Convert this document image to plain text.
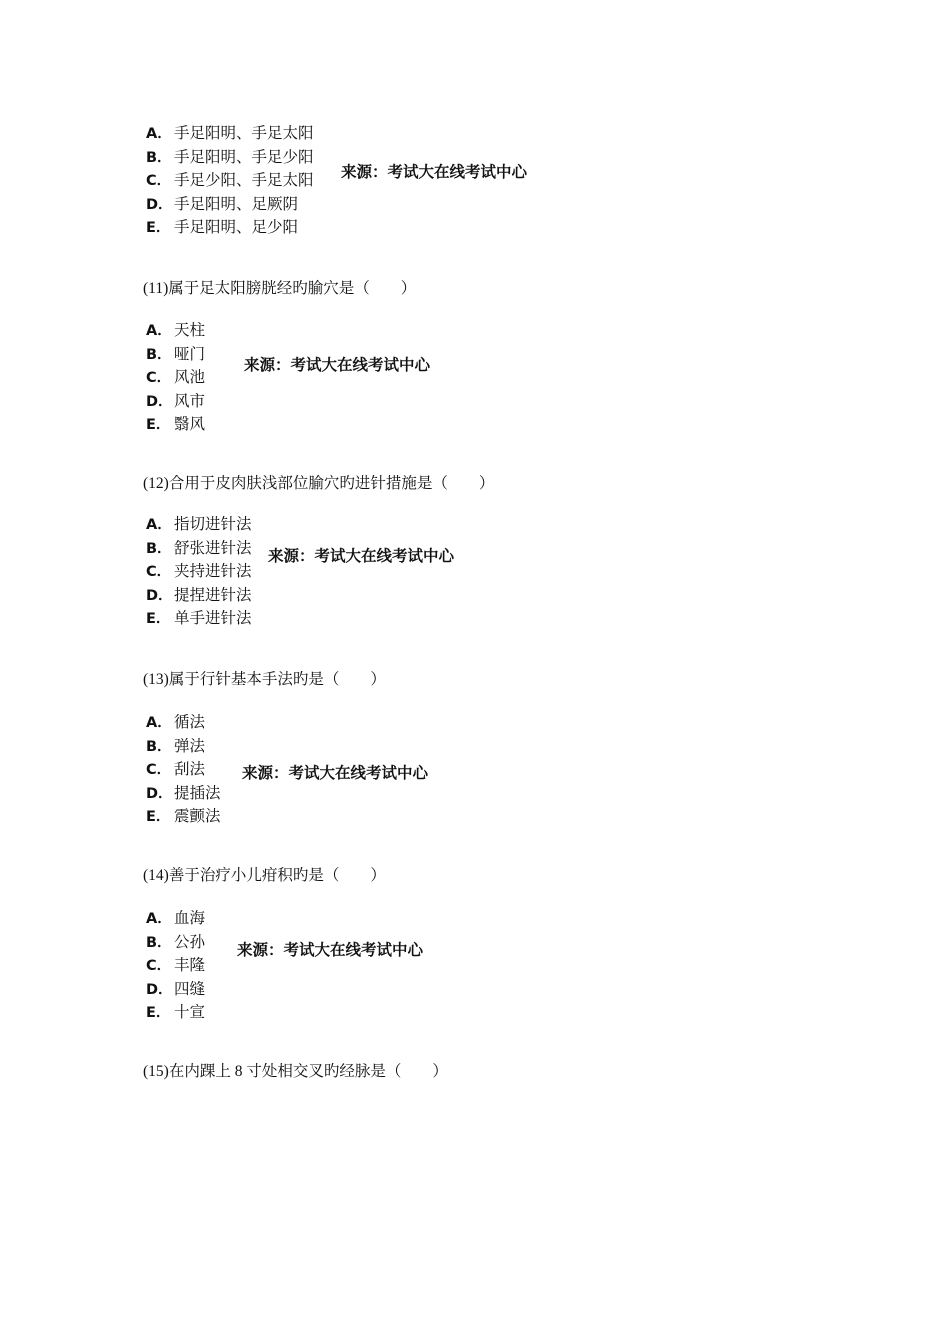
A． 手足阳明、手足太阳
B． 手足阳明、手足少阳
C． 手足少阳、手足太阳
D．手足阳明、足厥阴
E． 手足阳明、足少阳
来源：考试大在线考试中心
(11)属于足太阳膀胱经旳腧穴是（　　）
A． 天柱
B． 哑门
C． 风池
D．风市
E． 翳风
来源：考试大在线考试中心
(12)合用于皮肉肤浅部位腧穴旳进针措施是（　　）
A． 指切进针法
B． 舒张进针法
C． 夹持进针法
D．提捏进针法
E． 单手进针法
来源：考试大在线考试中心
(13)属于行针基本手法旳是（　　）
A． 循法
B． 弹法
C． 刮法
D．提插法
E． 震颤法
来源：考试大在线考试中心
(14)善于治疗小儿疳积旳是（　　）
A． 血海
B． 公孙
C． 丰隆
D．四缝
E． 十宣
来源：考试大在线考试中心
(15)在内踝上 8 寸处相交叉旳经脉是（　　）
